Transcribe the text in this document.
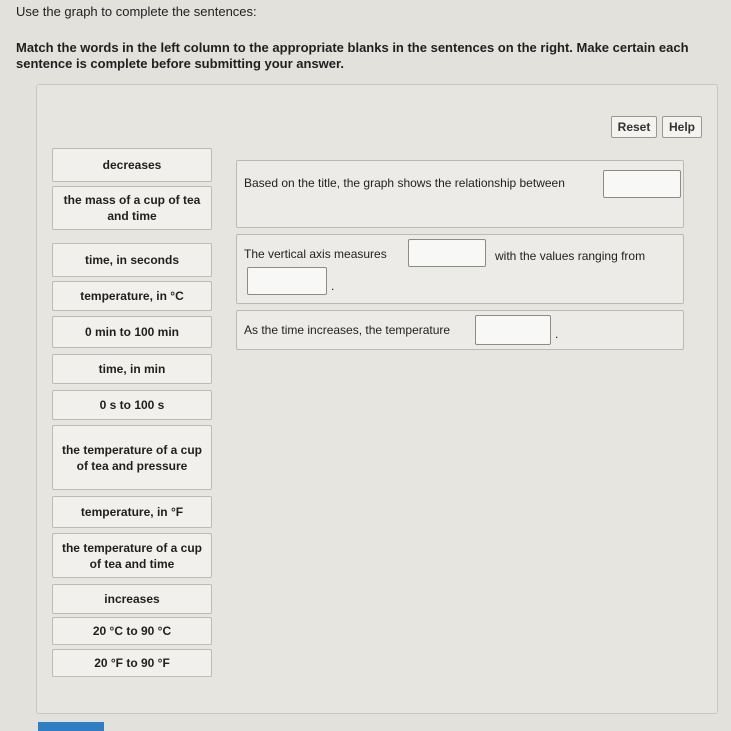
Use the graph to complete the sentences:
Match the words in the left column to the appropriate blanks in the sentences on the right. Make certain each sentence is complete before submitting your answer.
Reset	Help
decreases
the mass of a cup of tea and time
time, in seconds
temperature, in °C
0 min to 100 min
time, in min
0 s to 100 s
the temperature of a cup of tea and pressure
temperature, in °F
the temperature of a cup of tea and time
increases
20 °C to 90 °C
20 °F to 90 °F
Based on the title, the graph shows the relationship between
The vertical axis measures	with the values ranging from
.
As the time increases, the temperature	.
